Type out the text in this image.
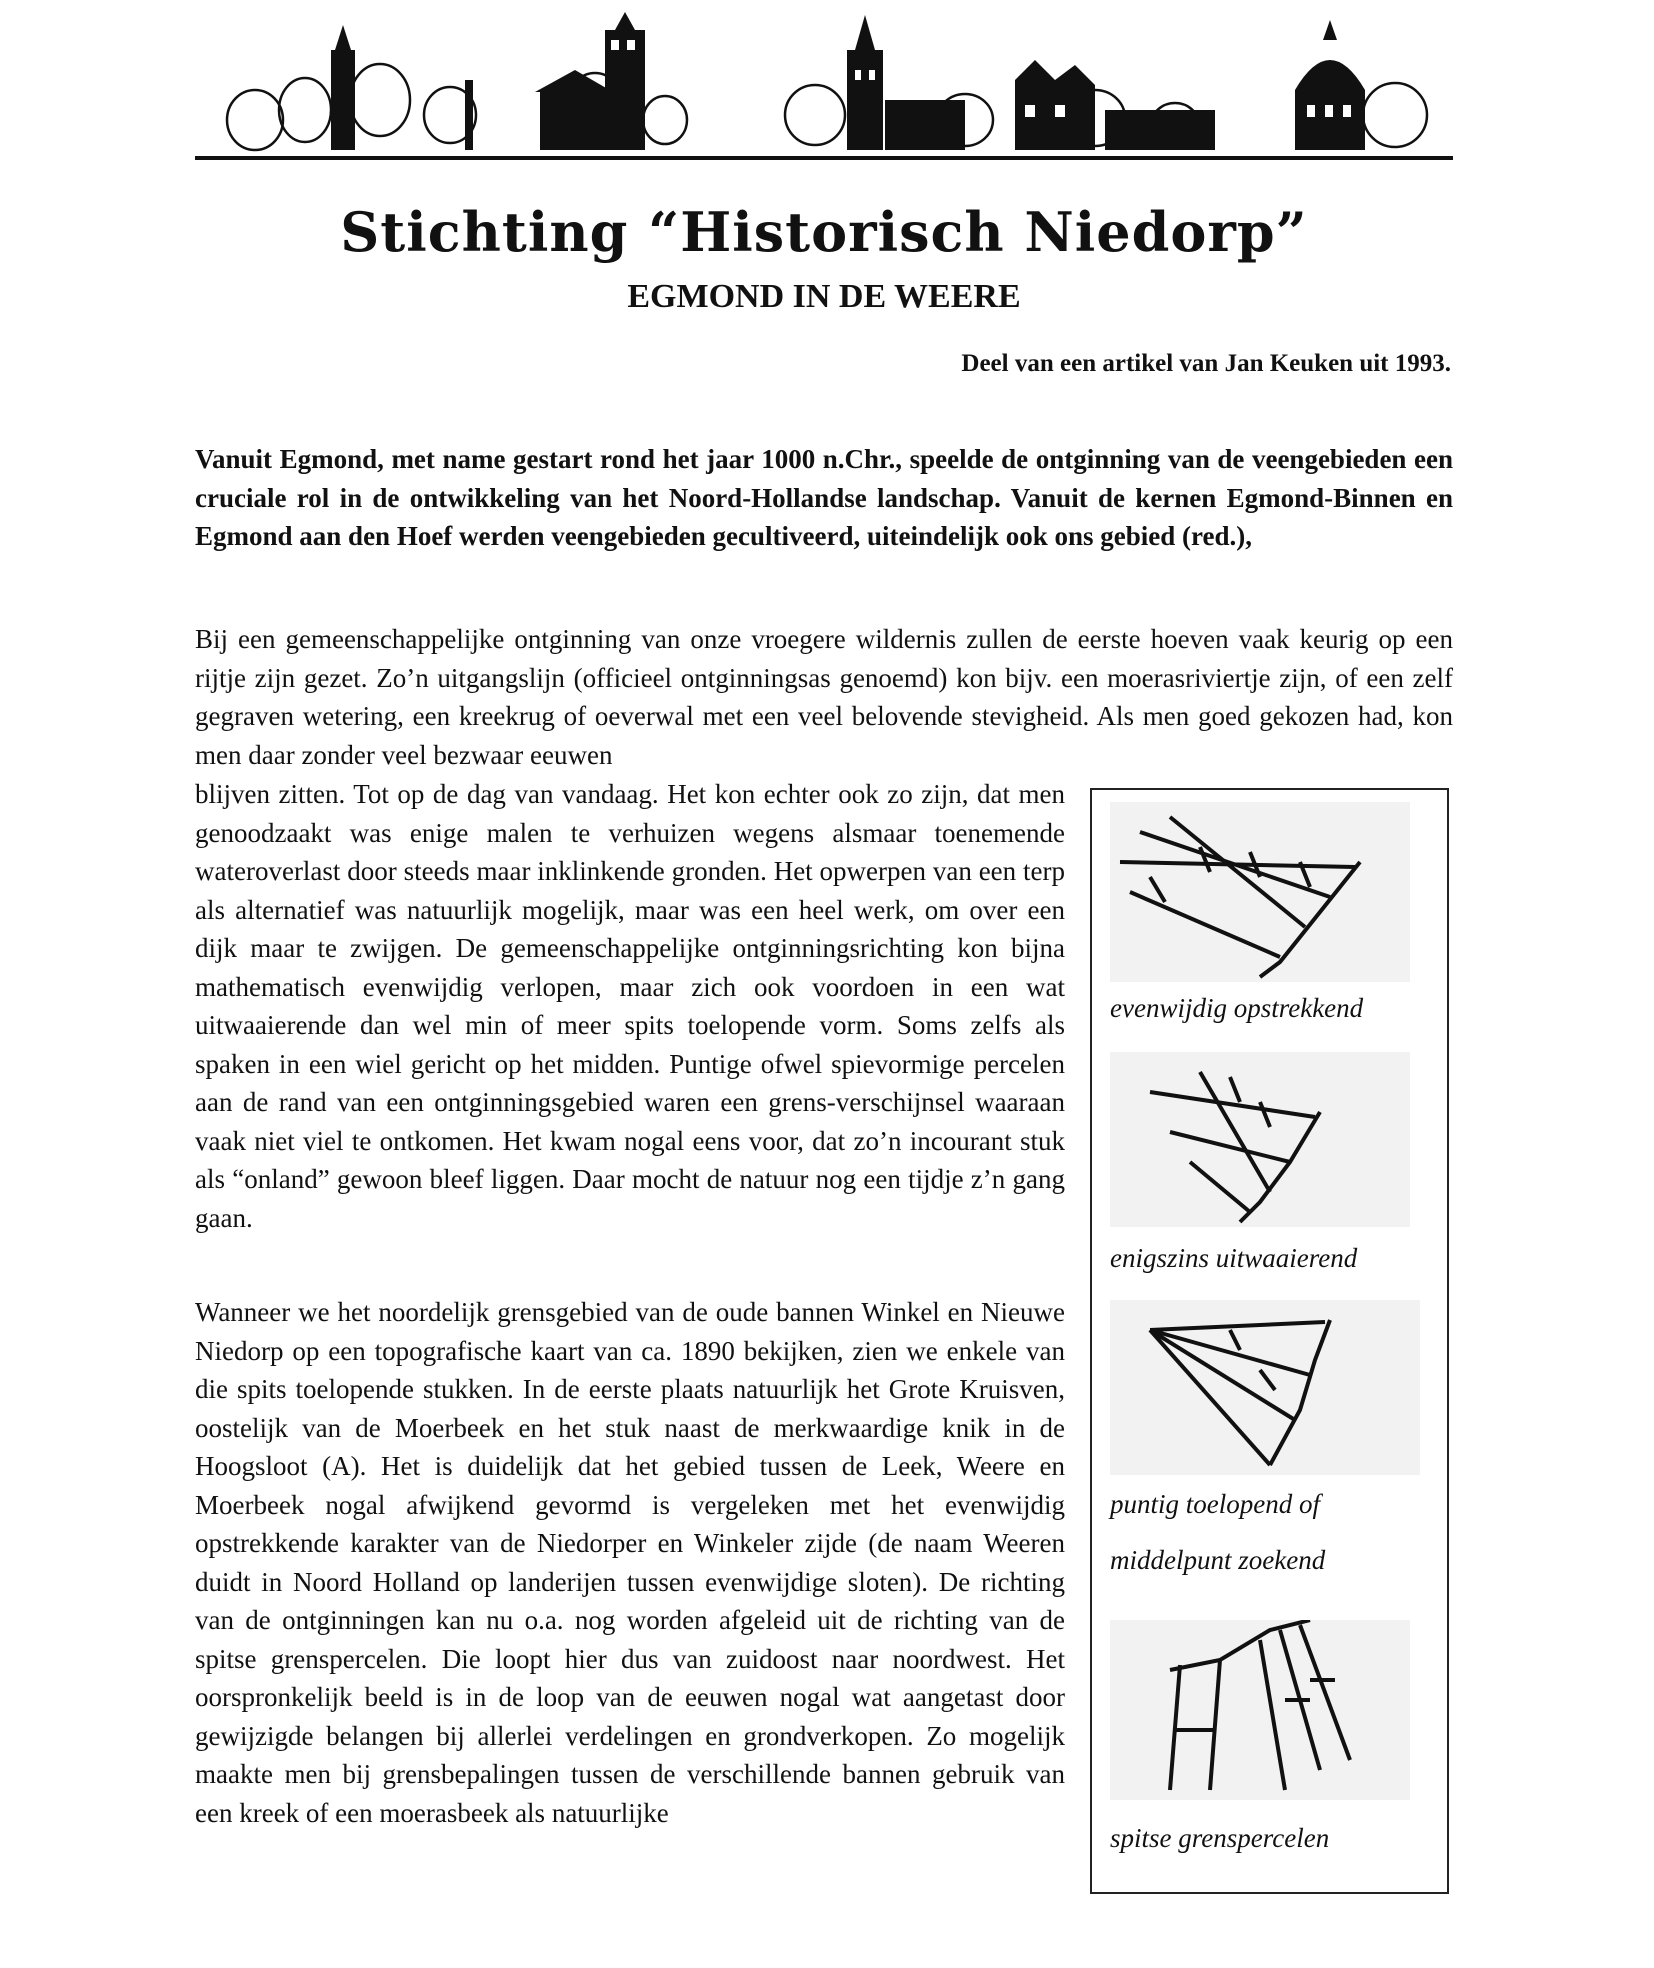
Stichting “Historisch Niedorp”
EGMOND IN DE WEERE
Deel van een artikel van Jan Keuken uit 1993.

Vanuit Egmond, met name gestart rond het jaar 1000 n.Chr., speelde de ontginning van de veengebieden een cruciale rol in de ontwikkeling van het Noord-Hollandse landschap. Vanuit de kernen Egmond-Binnen en Egmond aan den Hoef werden veengebieden gecultiveerd, uiteindelijk ook ons gebied (red.),

Bij een gemeenschappelijke ontginning van onze vroegere wildernis zullen de eerste hoeven vaak keurig op een rijtje zijn gezet. Zo’n uitgangslijn (officieel ontginningsas genoemd) kon bijv. een moerasriviertje zijn, of een zelf gegraven wetering, een kreekrug of oeverwal met een veel belovende stevigheid. Als men goed gekozen had, kon men daar zonder veel bezwaar eeuwen

blijven zitten. Tot op de dag van vandaag. Het kon echter ook zo zijn, dat men genoodzaakt was enige malen te verhuizen wegens alsmaar toenemende wateroverlast door steeds maar inklinkende gronden. Het opwerpen van een terp als alternatief was natuurlijk mogelijk, maar was een heel werk, om over een dijk maar te zwijgen. De gemeenschappelijke ontginningsrichting kon bijna mathematisch evenwijdig verlopen, maar zich ook voordoen in een wat uitwaaierende dan wel min of meer spits toelopende vorm. Soms zelfs als spaken in een wiel gericht op het midden. Puntige ofwel spievormige percelen aan de rand van een ontginningsgebied waren een grens-verschijnsel waaraan vaak niet viel te ontkomen. Het kwam nogal eens voor, dat zo’n incourant stuk als “onland” gewoon bleef liggen. Daar mocht de natuur nog een tijdje z’n gang gaan.

Wanneer we het noordelijk grensgebied van de oude bannen Winkel en Nieuwe Niedorp op een topografische kaart van ca. 1890 bekijken, zien we enkele van die spits toelopende stukken. In de eerste plaats natuurlijk het Grote Kruisven, oostelijk van de Moerbeek en het stuk naast de merkwaardige knik in de Hoogsloot (A). Het is duidelijk dat het gebied tussen de Leek, Weere en Moerbeek nogal afwijkend gevormd is vergeleken met het evenwijdig opstrekkende karakter van de Niedorper en Winkeler zijde (de naam Weeren duidt in Noord Holland op landerijen tussen evenwijdige sloten). De richting van de ontginningen kan nu o.a. nog worden afgeleid uit de richting van de spitse grenspercelen. Die loopt hier dus van zuidoost naar noordwest. Het oorspronkelijk beeld is in de loop van de eeuwen nogal wat aangetast door gewijzigde belangen bij allerlei verdelingen en grondverkopen. Zo mogelijk maakte men bij grensbepalingen tussen de verschillende bannen gebruik van een kreek of een moerasbeek als natuurlijke

evenwijdig opstrekkend
enigszins uitwaaierend
puntig toelopend of middelpunt zoekend
spitse grenspercelen
